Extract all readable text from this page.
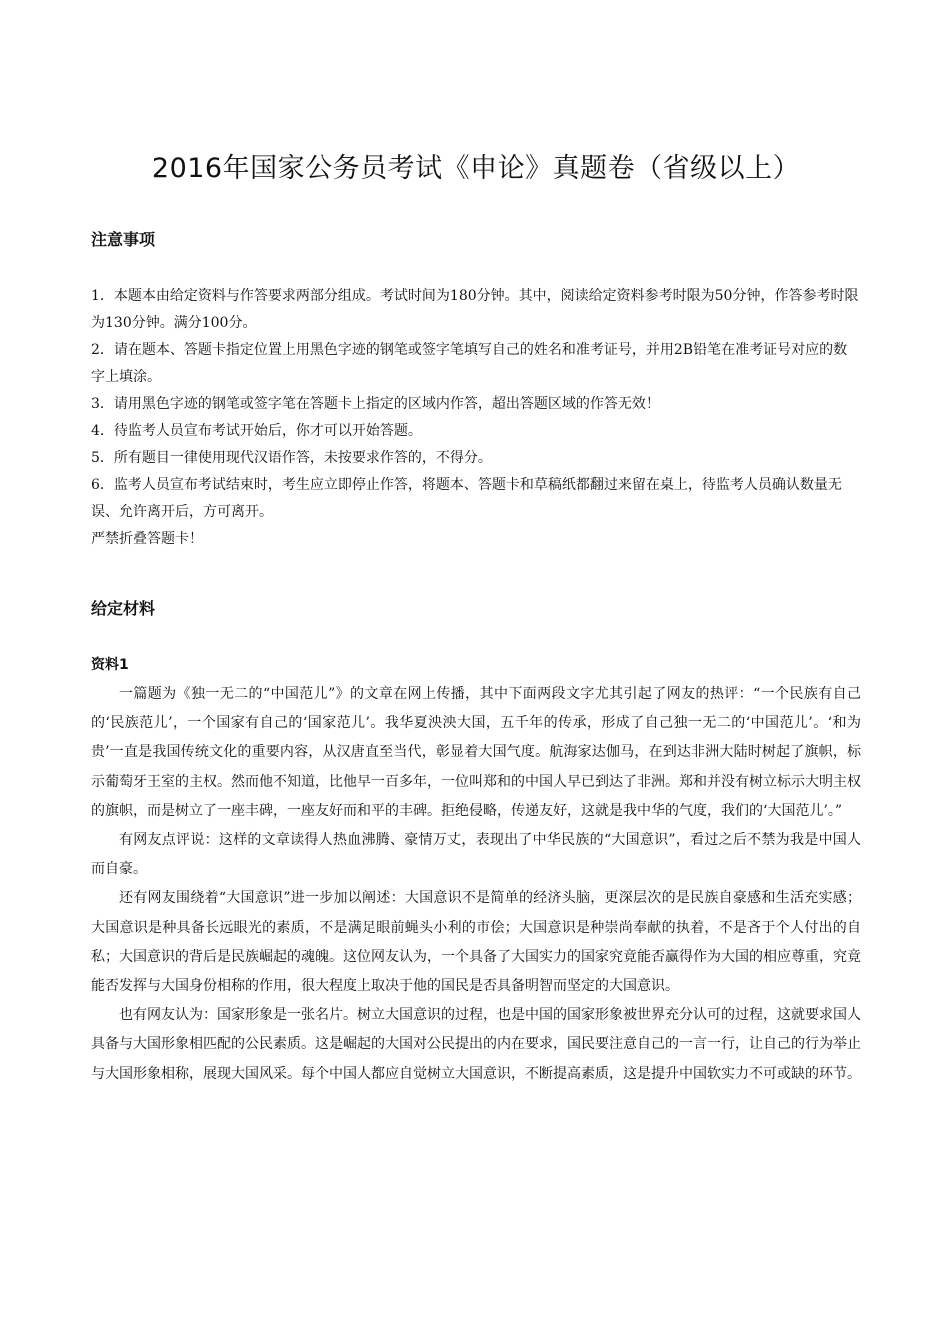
2016年国家公务员考试《申论》真题卷（省级以上）
注意事项

1．本题本由给定资料与作答要求两部分组成。考试时间为180分钟。其中，阅读给定资料参考时限为50分钟，作答参考时限为130分钟。满分100分。

2．请在题本、答题卡指定位置上用黑色字迹的钢笔或签字笔填写自己的姓名和准考证号，并用2B铅笔在准考证号对应的数字上填涂。

3．请用黑色字迹的钢笔或签字笔在答题卡上指定的区域内作答，超出答题区域的作答无效！

4．待监考人员宣布考试开始后，你才可以开始答题。

5．所有题目一律使用现代汉语作答，未按要求作答的，不得分。

6．监考人员宣布考试结束时，考生应立即停止作答，将题本、答题卡和草稿纸都翻过来留在桌上，待监考人员确认数量无误、允许离开后，方可离开。

严禁折叠答题卡！

给定材料
资料1

一篇题为《独一无二的“中国范儿”》的文章在网上传播，其中下面两段文字尤其引起了网友的热评：“一个民族有自己的‘民族范儿’，一个国家有自己的‘国家范儿’。我华夏泱泱大国，五千年的传承，形成了自己独一无二的‘中国范儿’。‘和为贵’一直是我国传统文化的重要内容，从汉唐直至当代，彰显着大国气度。航海家达伽马，在到达非洲大陆时树起了旗帜，标示葡萄牙王室的主权。然而他不知道，比他早一百多年，一位叫郑和的中国人早已到达了非洲。郑和并没有树立标示大明主权的旗帜，而是树立了一座丰碑，一座友好而和平的丰碑。拒绝侵略，传递友好，这就是我中华的气度，我们的‘大国范儿’。”

有网友点评说：这样的文章读得人热血沸腾、豪情万丈，表现出了中华民族的“大国意识”，看过之后不禁为我是中国人而自豪。

还有网友围绕着“大国意识”进一步加以阐述：大国意识不是简单的经济头脑，更深层次的是民族自豪感和生活充实感；大国意识是种具备长远眼光的素质，不是满足眼前蝇头小利的市侩；大国意识是种崇尚奉献的执着，不是吝于个人付出的自私；大国意识的背后是民族崛起的魂魄。这位网友认为，一个具备了大国实力的国家究竟能否赢得作为大国的相应尊重，究竟能否发挥与大国身份相称的作用，很大程度上取决于他的国民是否具备明智而坚定的大国意识。

也有网友认为：国家形象是一张名片。树立大国意识的过程，也是中国的国家形象被世界充分认可的过程，这就要求国人具备与大国形象相匹配的公民素质。这是崛起的大国对公民提出的内在要求，国民要注意自己的一言一行，让自己的行为举止与大国形象相称，展现大国风采。每个中国人都应自觉树立大国意识，不断提高素质，这是提升中国软实力不可或缺的环节。
